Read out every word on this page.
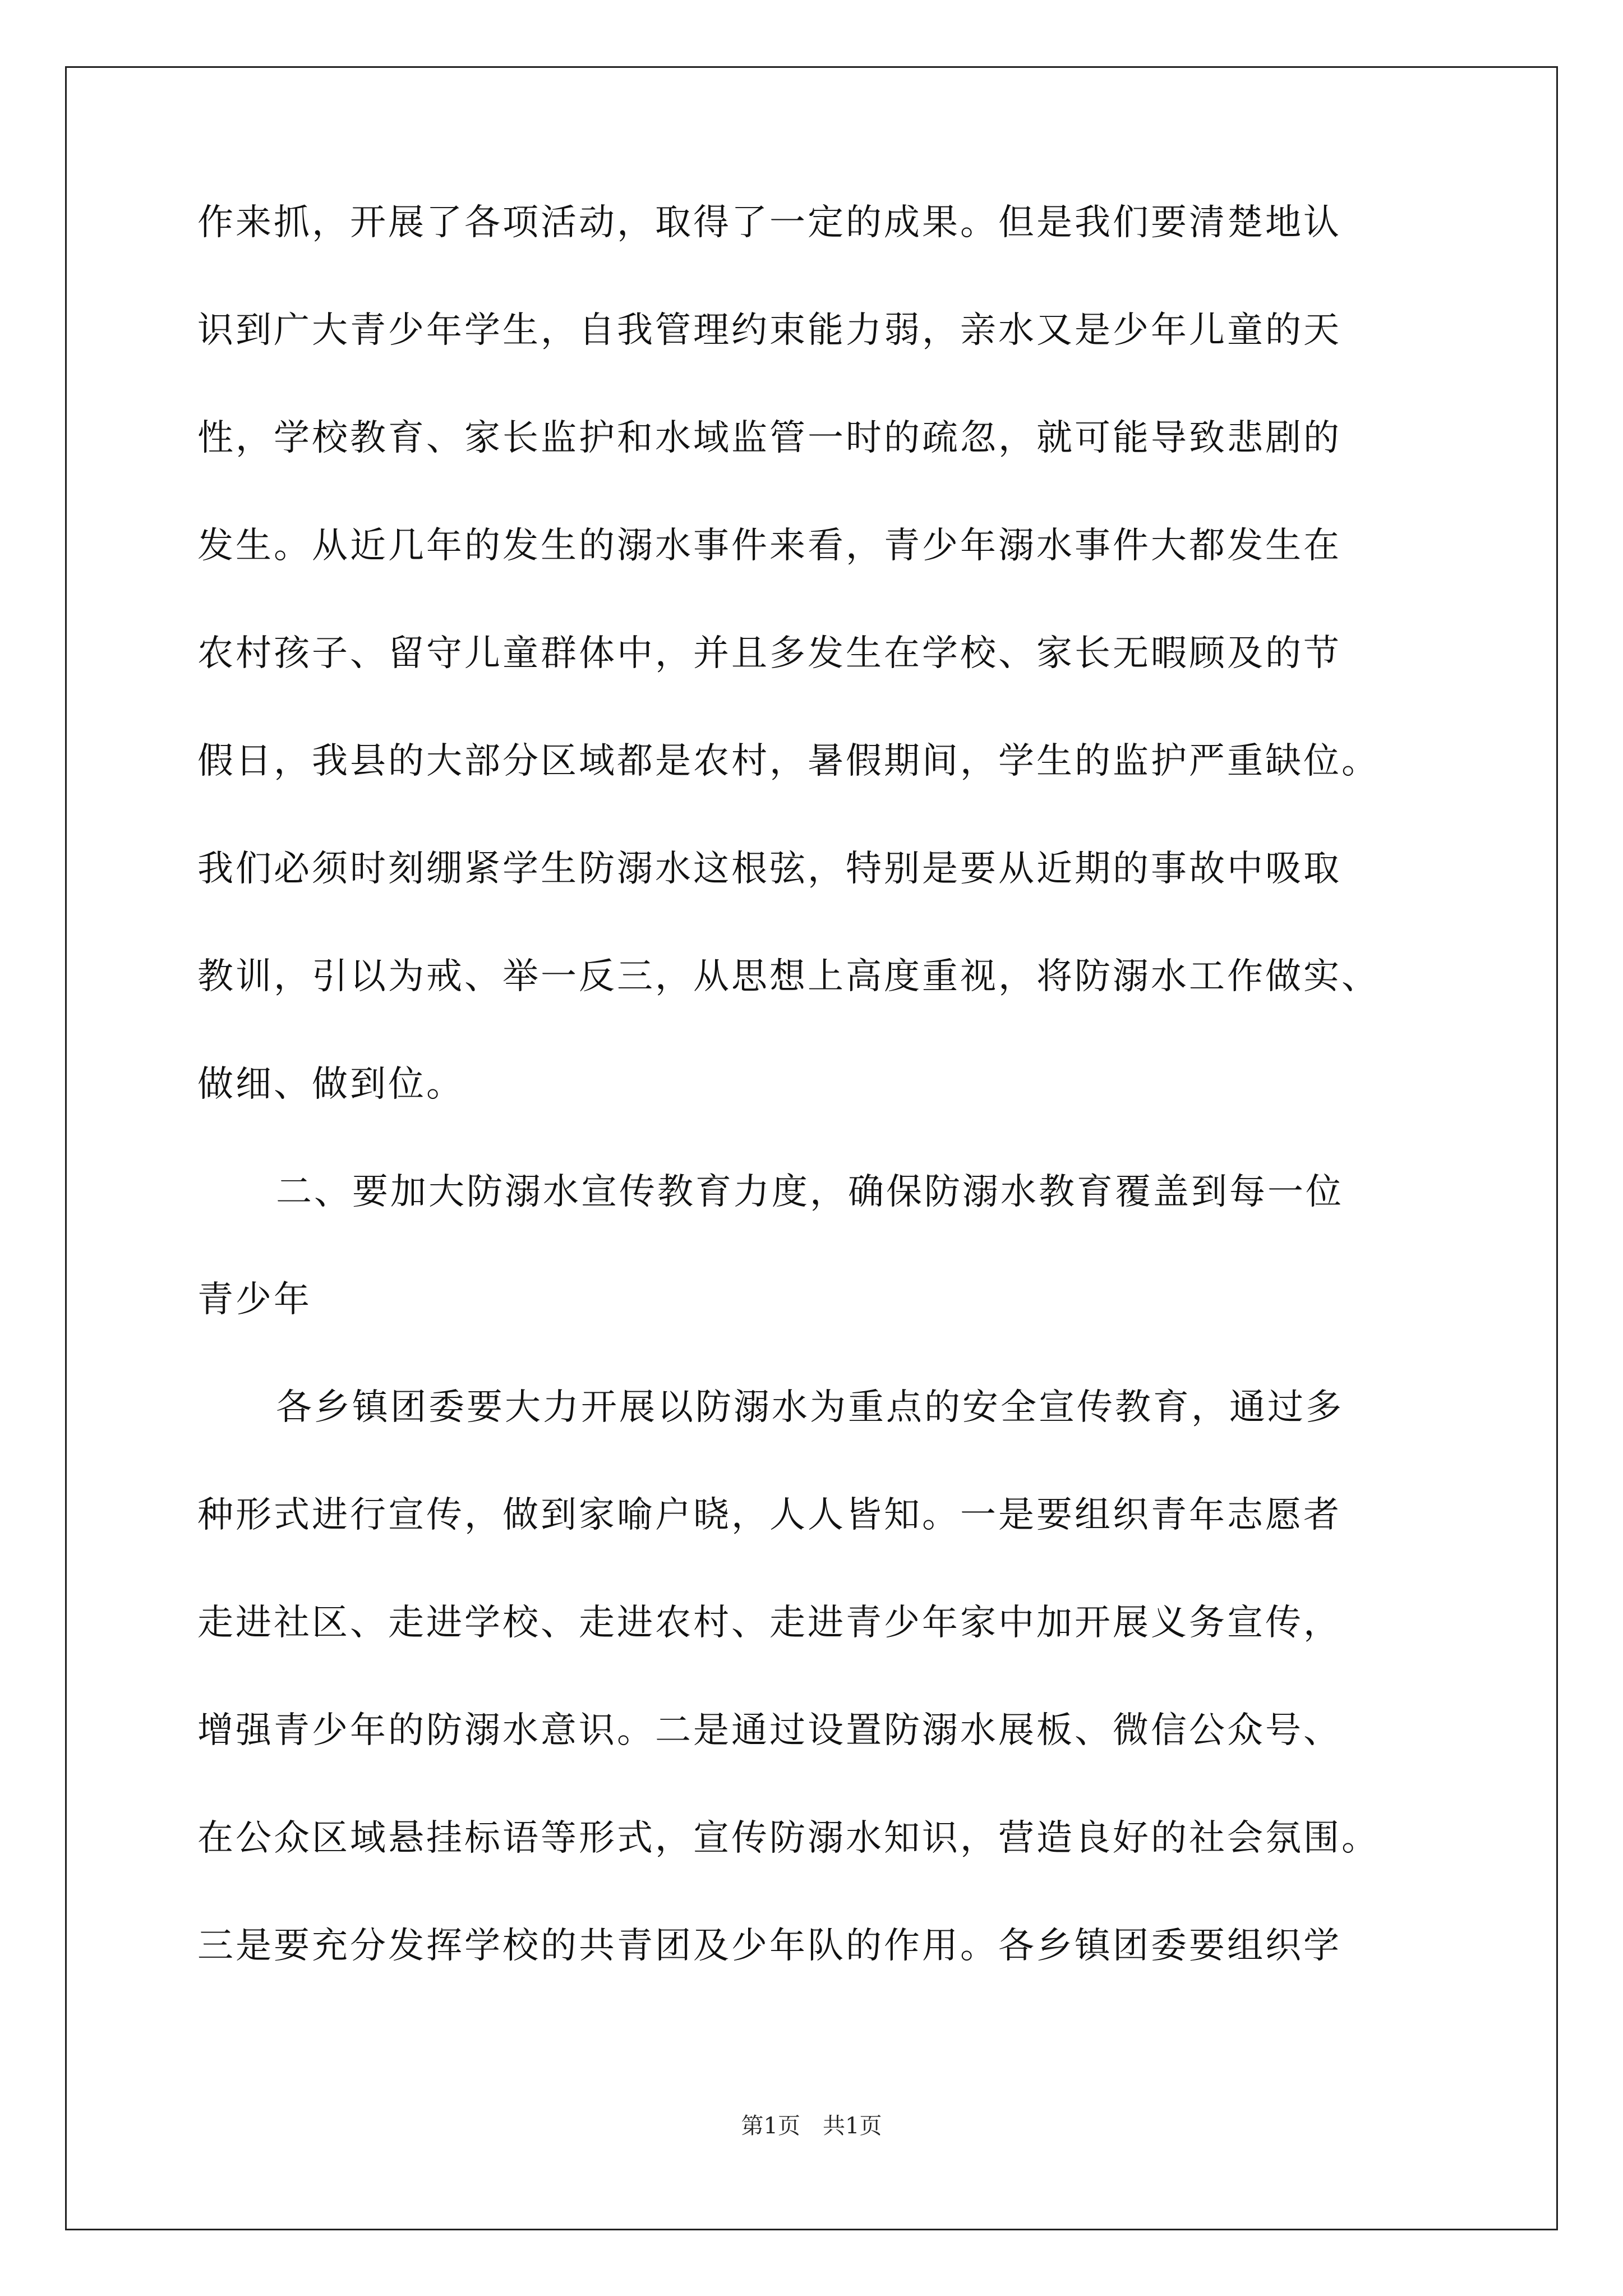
作来抓，开展了各项活动，取得了一定的成果。但是我们要清楚地认
识到广大青少年学生，自我管理约束能力弱，亲水又是少年儿童的天
性，学校教育、家长监护和水域监管一时的疏忽，就可能导致悲剧的
发生。从近几年的发生的溺水事件来看，青少年溺水事件大都发生在
农村孩子、留守儿童群体中，并且多发生在学校、家长无暇顾及的节
假日，我县的大部分区域都是农村，暑假期间，学生的监护严重缺位。
我们必须时刻绷紧学生防溺水这根弦，特别是要从近期的事故中吸取
教训，引以为戒、举一反三，从思想上高度重视，将防溺水工作做实、
做细、做到位。
二、要加大防溺水宣传教育力度，确保防溺水教育覆盖到每一位
青少年
各乡镇团委要大力开展以防溺水为重点的安全宣传教育，通过多
种形式进行宣传，做到家喻户晓，人人皆知。一是要组织青年志愿者
走进社区、走进学校、走进农村、走进青少年家中加开展义务宣传，
增强青少年的防溺水意识。二是通过设置防溺水展板、微信公众号、
在公众区域悬挂标语等形式，宣传防溺水知识，营造良好的社会氛围。
三是要充分发挥学校的共青团及少年队的作用。各乡镇团委要组织学
第1页　共1页
